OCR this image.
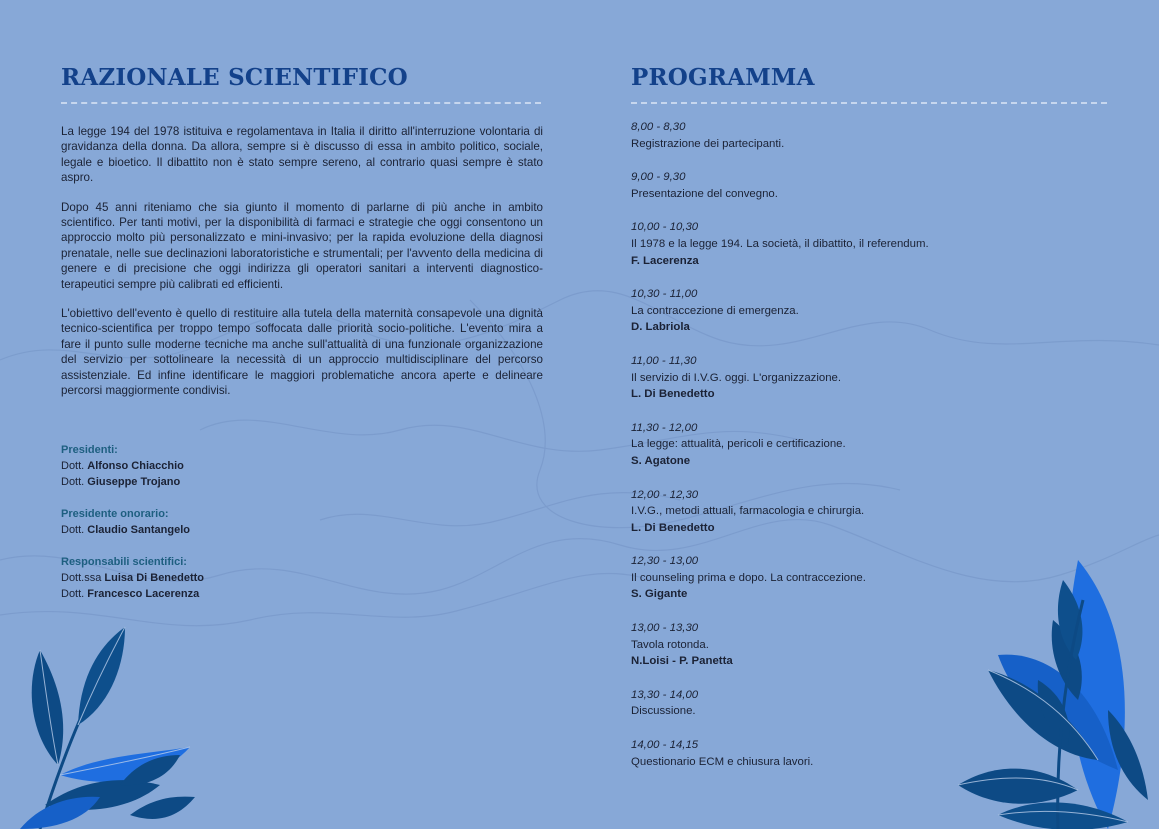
RAZIONALE SCIENTIFICO

La legge 194 del 1978 istituiva e regolamentava in Italia il diritto all'interruzione volontaria di gravidanza della donna. Da allora, sempre si è discusso di essa in ambito politico, sociale, legale e bioetico. Il dibattito non è stato sempre sereno, al contrario quasi sempre è stato aspro.

Dopo 45 anni riteniamo che sia giunto il momento di parlarne di più anche in ambito scientifico. Per tanti motivi, per la disponibilità di farmaci e strategie che oggi consentono un approccio molto più personalizzato e mini-invasivo; per la rapida evoluzione della diagnosi prenatale, nelle sue declinazioni laboratoristiche e strumentali; per l'avvento della medicina di genere e di precisione che oggi indirizza gli operatori sanitari a interventi diagnostico-terapeutici sempre più calibrati ed efficienti.

L'obiettivo dell'evento è quello di restituire alla tutela della maternità consapevole una dignità tecnico-scientifica per troppo tempo soffocata dalle priorità socio-politiche. L'evento mira a fare il punto sulle moderne tecniche ma anche sull'attualità di una funzionale organizzazione del servizio per sottolineare la necessità di un approccio multidisciplinare del percorso assistenziale. Ed infine identificare le maggiori problematiche ancora aperte e delineare percorsi maggiormente condivisi.

Presidenti:
Dott. Alfonso Chiacchio
Dott. Giuseppe Trojano
Presidente onorario:
Dott. Claudio Santangelo
Responsabili scientifici:
Dott.ssa Luisa Di Benedetto
Dott. Francesco Lacerenza
PROGRAMMA
8,00 - 8,30
Registrazione dei partecipanti.
9,00 - 9,30
Presentazione del convegno.
10,00 - 10,30
Il 1978 e la legge 194. La società, il dibattito, il referendum.
F. Lacerenza
10,30 - 11,00
La contraccezione di emergenza.
D. Labriola
11,00 - 11,30
Il servizio di I.V.G. oggi. L'organizzazione.
L. Di Benedetto
11,30 - 12,00
La legge: attualità, pericoli e certificazione.
S. Agatone
12,00 - 12,30
I.V.G., metodi attuali, farmacologia e chirurgia.
L. Di Benedetto
12,30 - 13,00
Il counseling prima e dopo. La contraccezione.
S. Gigante
13,00 - 13,30
Tavola rotonda.
N.Loisi - P. Panetta
13,30 - 14,00
Discussione.
14,00 - 14,15
Questionario ECM e chiusura lavori.
